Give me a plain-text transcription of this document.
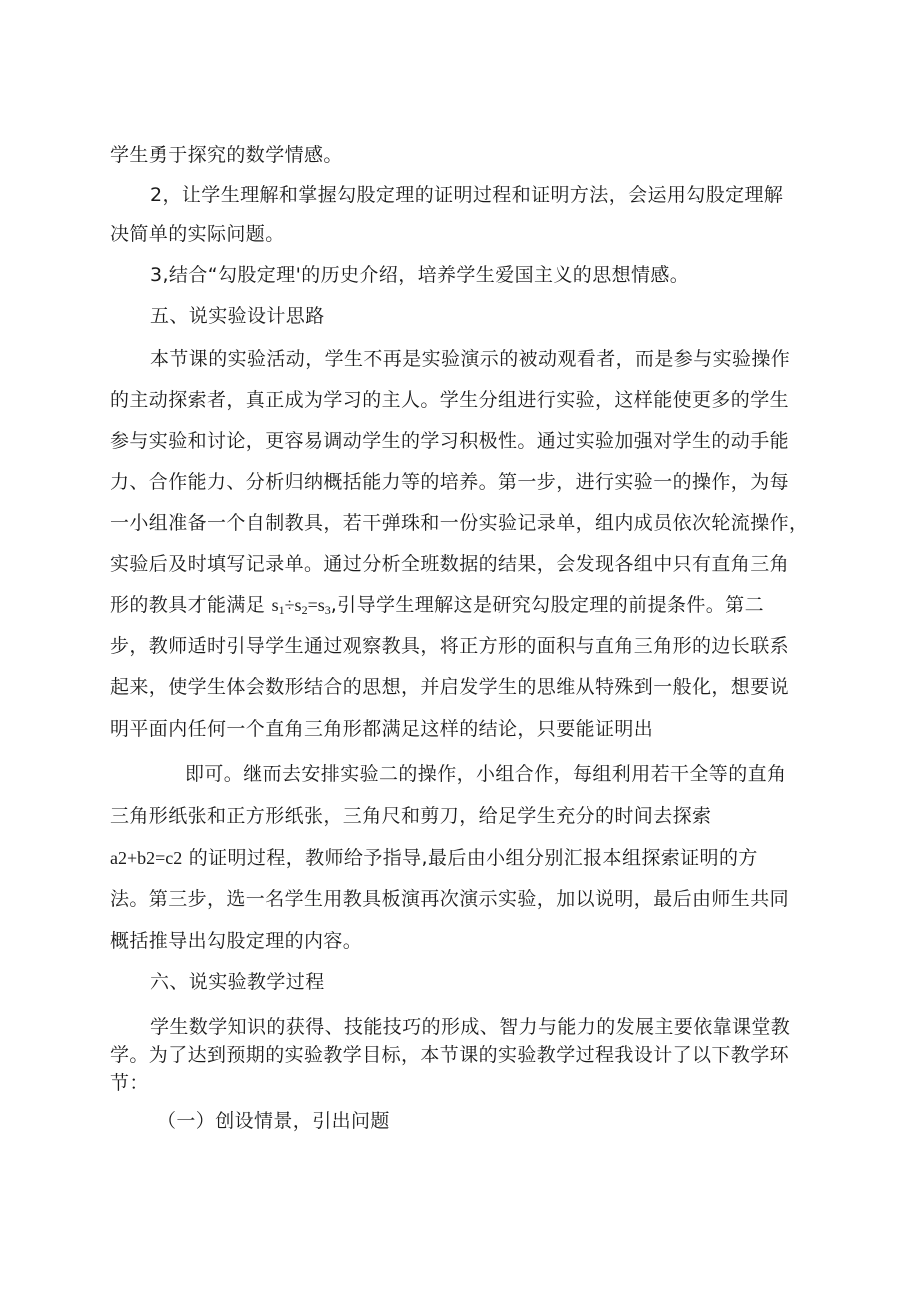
学生勇于探究的数学情感。
2，让学生理解和掌握勾股定理的证明过程和证明方法，会运用勾股定理解
决简单的实际问题。
3,结合“勾股定理'的历史介绍，培养学生爱国主义的思想情感。
五、说实验设计思路
本节课的实验活动，学生不再是实验演示的被动观看者，而是参与实验操作
的主动探索者，真正成为学习的主人。学生分组进行实验，这样能使更多的学生
参与实验和讨论，更容易调动学生的学习积极性。通过实验加强对学生的动手能
力、合作能力、分析归纳概括能力等的培养。第一步，进行实验一的操作，为每
一小组准备一个自制教具，若干弹珠和一份实验记录单，组内成员依次轮流操作，
实验后及时填写记录单。通过分析全班数据的结果，会发现各组中只有直角三角
形的教具才能满足 $s_1\div s_2=s_3$,引导学生理解这是研究勾股定理的前提条件。第二
步，教师适时引导学生通过观察教具，将正方形的面积与直角三角形的边长联系
起来，使学生体会数形结合的思想，并启发学生的思维从特殊到一般化，想要说
明平面内任何一个直角三角形都满足这样的结论，只要能证明出
即可。继而去安排实验二的操作，小组合作，每组利用若干全等的直角
三角形纸张和正方形纸张，三角尺和剪刀，给足学生充分的时间去探索
a2+b2=c2 的证明过程，教师给予指导,最后由小组分别汇报本组探索证明的方
法。第三步，选一名学生用教具板演再次演示实验，加以说明，最后由师生共同
概括推导出勾股定理的内容。
六、说实验教学过程
学生数学知识的获得、技能技巧的形成、智力与能力的发展主要依靠课堂教
学。为了达到预期的实验教学目标，本节课的实验教学过程我设计了以下教学环
节：
（一）创设情景，引出问题
